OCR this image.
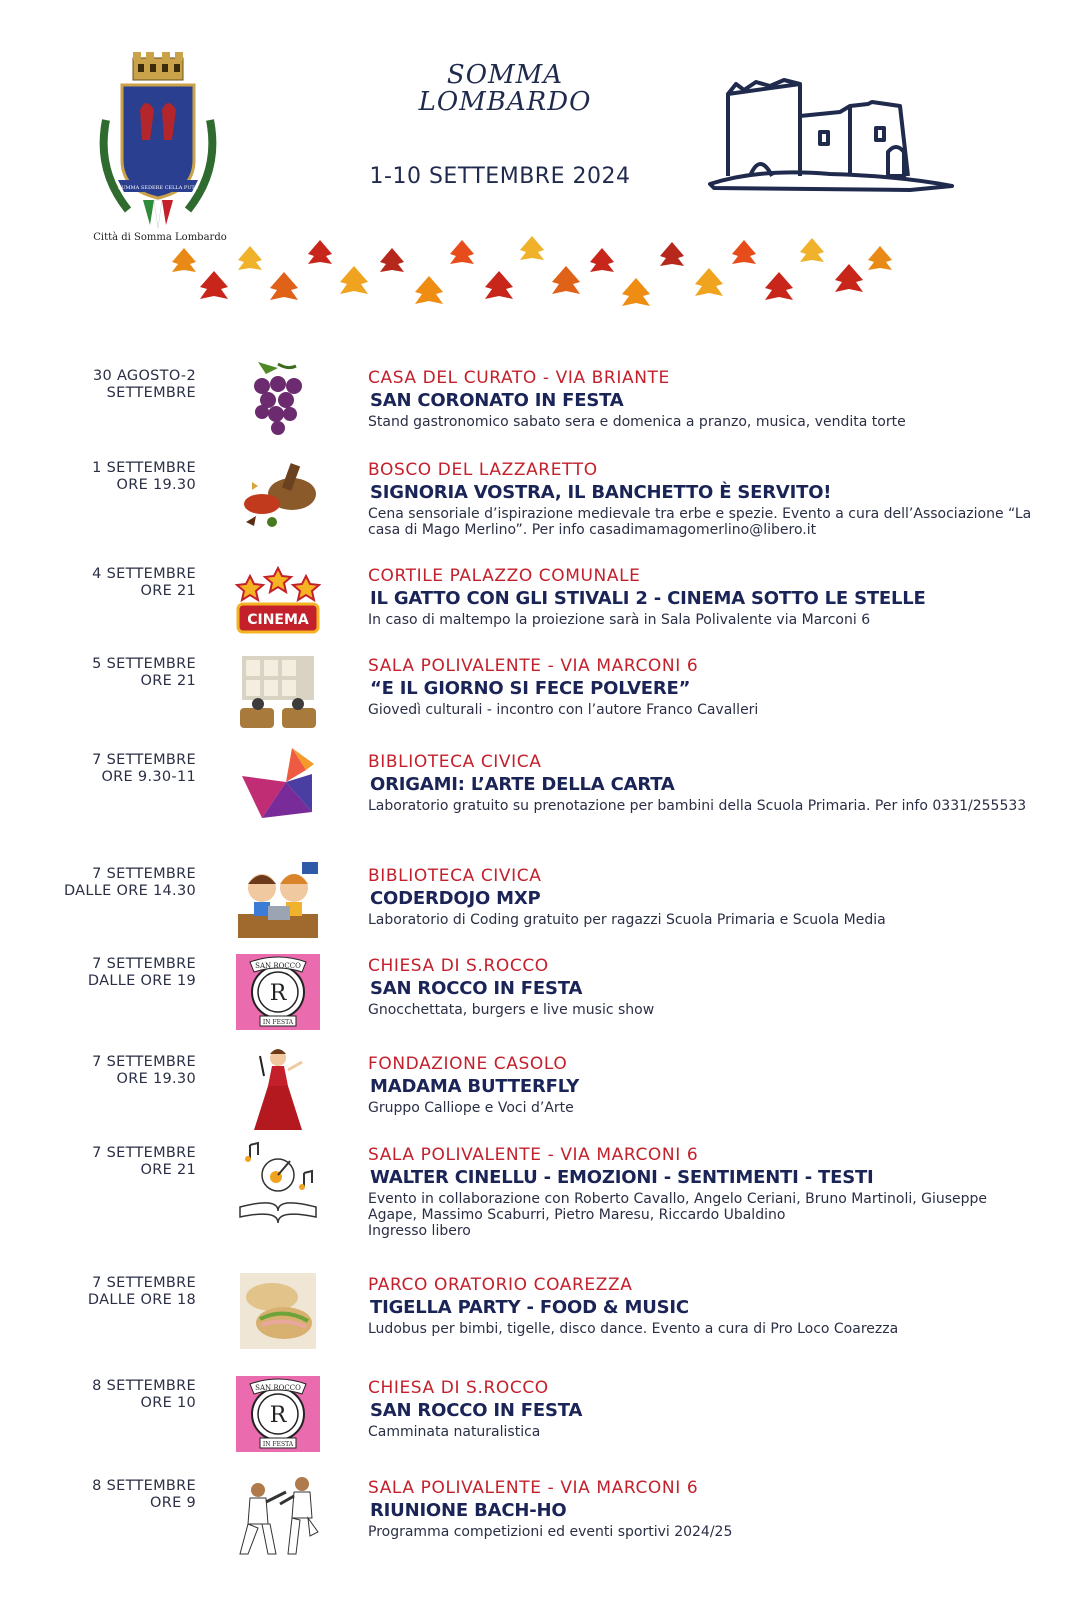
SUMMA SEDERE CELLA PUTS
Città di Somma Lombardo
SOMMA
LOMBARDO
1-10 SETTEMBRE 2024
30 AGOSTO-2
SETTEMBRE
CASA DEL CURATO - VIA BRIANTE
SAN CORONATO IN FESTA
Stand gastronomico sabato sera e domenica a pranzo, musica, vendita torte
1 SETTEMBRE
ORE 19.30
BOSCO DEL LAZZARETTO
SIGNORIA VOSTRA, IL BANCHETTO È SERVITO!
Cena sensoriale d’ispirazione medievale tra erbe e spezie. Evento a cura dell’Associazione “La casa di Mago Merlino”. Per info casadimamagomerlino@libero.it
4 SETTEMBRE
ORE 21
CINEMA
CORTILE PALAZZO COMUNALE
IL GATTO CON GLI STIVALI 2 - CINEMA SOTTO LE STELLE
In caso di maltempo la proiezione sarà in Sala Polivalente via Marconi 6
5 SETTEMBRE
ORE 21
SALA POLIVALENTE - VIA MARCONI 6
“E IL GIORNO SI FECE POLVERE”
Giovedì culturali - incontro con l’autore Franco Cavalleri
7 SETTEMBRE
ORE 9.30-11
BIBLIOTECA CIVICA
ORIGAMI: L’ARTE DELLA CARTA
Laboratorio gratuito su prenotazione per bambini della Scuola Primaria. Per info 0331/255533
7 SETTEMBRE
DALLE ORE 14.30
BIBLIOTECA CIVICA
CODERDOJO MXP
Laboratorio di Coding gratuito per ragazzi Scuola Primaria e Scuola Media
7 SETTEMBRE
DALLE ORE 19	R
SAN ROCCO
IN FESTA
CHIESA DI S.ROCCO
SAN ROCCO IN FESTA
Gnocchettata, burgers e live music show
7 SETTEMBRE
ORE 19.30
FONDAZIONE CASOLO
MADAMA BUTTERFLY
Gruppo Calliope e Voci d’Arte
7 SETTEMBRE
ORE 21
SALA POLIVALENTE - VIA MARCONI 6
WALTER CINELLU - EMOZIONI - SENTIMENTI - TESTI
Evento in collaborazione con Roberto Cavallo, Angelo Ceriani, Bruno Martinoli, Giuseppe Agape, Massimo Scaburri, Pietro Maresu, Riccardo Ubaldino
Ingresso libero
7 SETTEMBRE
DALLE ORE 18
PARCO ORATORIO COAREZZA
TIGELLA PARTY - FOOD & MUSIC
Ludobus per bimbi, tigelle, disco dance. Evento a cura di Pro Loco Coarezza
8 SETTEMBRE
ORE 10	R
SAN ROCCO
IN FESTA
CHIESA DI S.ROCCO
SAN ROCCO IN FESTA
Camminata naturalistica
8 SETTEMBRE
ORE 9
SALA POLIVALENTE - VIA MARCONI 6
RIUNIONE BACH-HO
Programma competizioni ed eventi sportivi 2024/25
